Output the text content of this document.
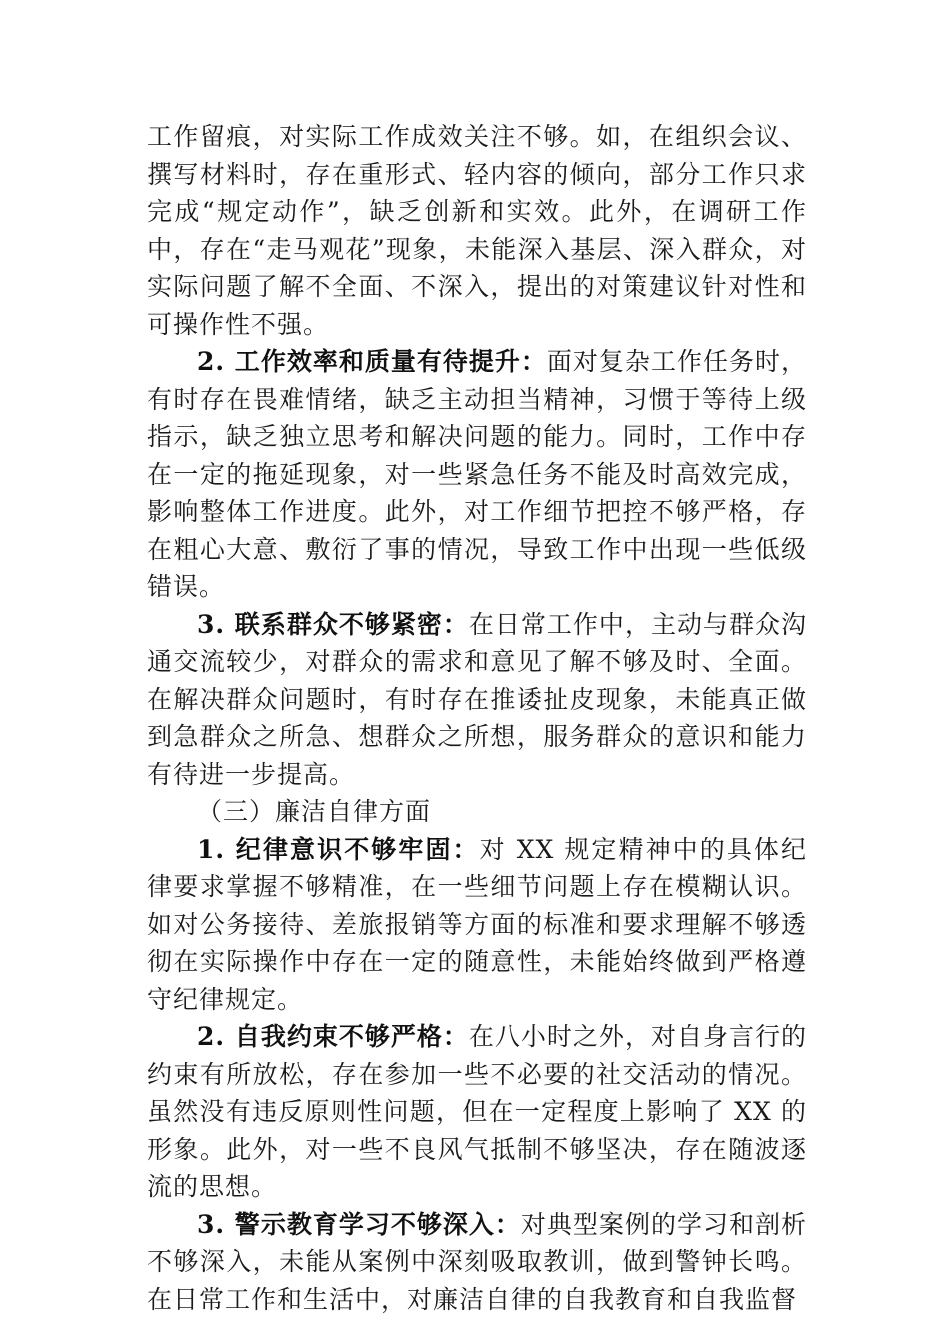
工作留痕，对实际工作成效关注不够。如，在组织会议、撰写材料时，存在重形式、轻内容的倾向，部分工作只求完成“规定动作”，缺乏创新和实效。此外，在调研工作中，存在“走马观花”现象，未能深入基层、深入群众，对实际问题了解不全面、不深入，提出的对策建议针对性和可操作性不强。

2. 工作效率和质量有待提升：面对复杂工作任务时，有时存在畏难情绪，缺乏主动担当精神，习惯于等待上级指示，缺乏独立思考和解决问题的能力。同时，工作中存在一定的拖延现象，对一些紧急任务不能及时高效完成，影响整体工作进度。此外，对工作细节把控不够严格，存在粗心大意、敷衍了事的情况，导致工作中出现一些低级错误。

3. 联系群众不够紧密：在日常工作中，主动与群众沟通交流较少，对群众的需求和意见了解不够及时、全面。在解决群众问题时，有时存在推诿扯皮现象，未能真正做到急群众之所急、想群众之所想，服务群众的意识和能力有待进一步提高。

（三）廉洁自律方面

1. 纪律意识不够牢固：对 XX 规定精神中的具体纪律要求掌握不够精准，在一些细节问题上存在模糊认识。如对公务接待、差旅报销等方面的标准和要求理解不够透彻在实际操作中存在一定的随意性，未能始终做到严格遵守纪律规定。

2. 自我约束不够严格：在八小时之外，对自身言行的约束有所放松，存在参加一些不必要的社交活动的情况。虽然没有违反原则性问题，但在一定程度上影响了 XX 的形象。此外，对一些不良风气抵制不够坚决，存在随波逐流的思想。

3. 警示教育学习不够深入：对典型案例的学习和剖析不够深入，未能从案例中深刻吸取教训，做到警钟长鸣。在日常工作和生活中，对廉洁自律的自我教育和自我监督
